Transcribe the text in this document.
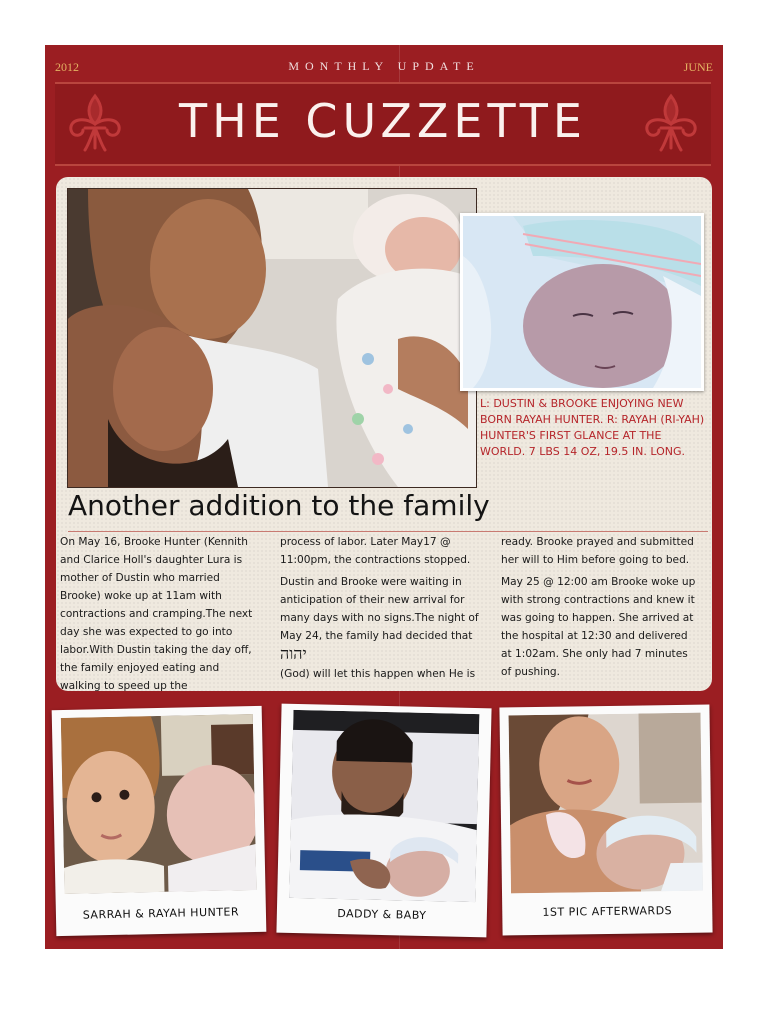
2012	MONTHLY UPDATE	JUNE
THE CUZZETTE

L: DUSTIN & BROOKE ENJOYING NEW BORN RAYAH HUNTER. R: RAYAH (RI-YAH) HUNTER'S FIRST GLANCE AT THE WORLD. 7 LBS 14 OZ, 19.5 IN. LONG.

Another addition to the family

On May 16, Brooke Hunter (Kennith and Clarice Holl's daughter Lura is mother of Dustin who married Brooke) woke up at 11am with contractions and cramping.The next day she was expected to go into labor.With Dustin taking the day off, the family enjoyed eating and walking to speed up the

process of labor. Later May17 @ 11:00pm, the contractions stopped.

Dustin and Brooke were waiting in anticipation of their new arrival for many days with no signs.The night of May 24, the family had decided that יהוה
(God) will let this happen when He is

ready. Brooke prayed and submitted her will to Him before going to bed.

May 25 @ 12:00 am Brooke woke up with strong contractions and knew it was going to happen. She arrived at the hospital at 12:30 and delivered at 1:02am. She only had 7 minutes of pushing.

SARRAH & RAYAH HUNTER	DADDY & BABY	1ST PIC AFTERWARDS
